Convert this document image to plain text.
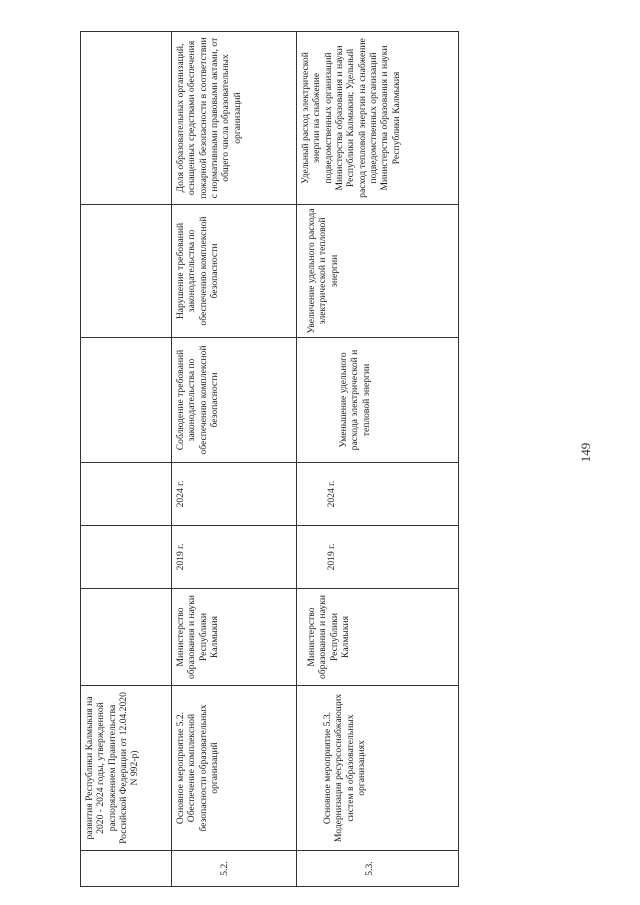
	развития Республики Калмыкия на 2020 - 2024 годы, утвержденной распоряжением Правительства Российской Федерации от 12.04.2020 N 992-р)						

5.2.	Основное мероприятие 5.2. Обеспечение комплексной безопасности образовательных организаций	Министерство образования и науки Республики Калмыкия	2019 г.	2024 г.	Соблюдение требований законодательства по обеспечению комплексной безопасности	Нарушение требований законодательства по обеспечению комплексной безопасности	Доля образовательных организаций, оснащенных средствами обеспечения пожарной безопасности в соответствии с нормативными правовыми актами, от общего числа образовательных организаций

5.3.	Основное мероприятие 5.3. Модернизация ресурсоснабжающих систем в образовательных организациях	Министерство образования и науки Республики Калмыкия	2019 г.	2024 г.	Уменьшение удельного расхода электрической и тепловой энергии	Увеличение удельного расхода электрической и тепловой энергии	Удельный расход электрической энергии на снабжение подведомственных организаций Министерства образования и науки Республики Калмыкия; Удельный расход тепловой энергии на снабжение подведомственных организаций Министерства образования и науки Республики Калмыкия
149
